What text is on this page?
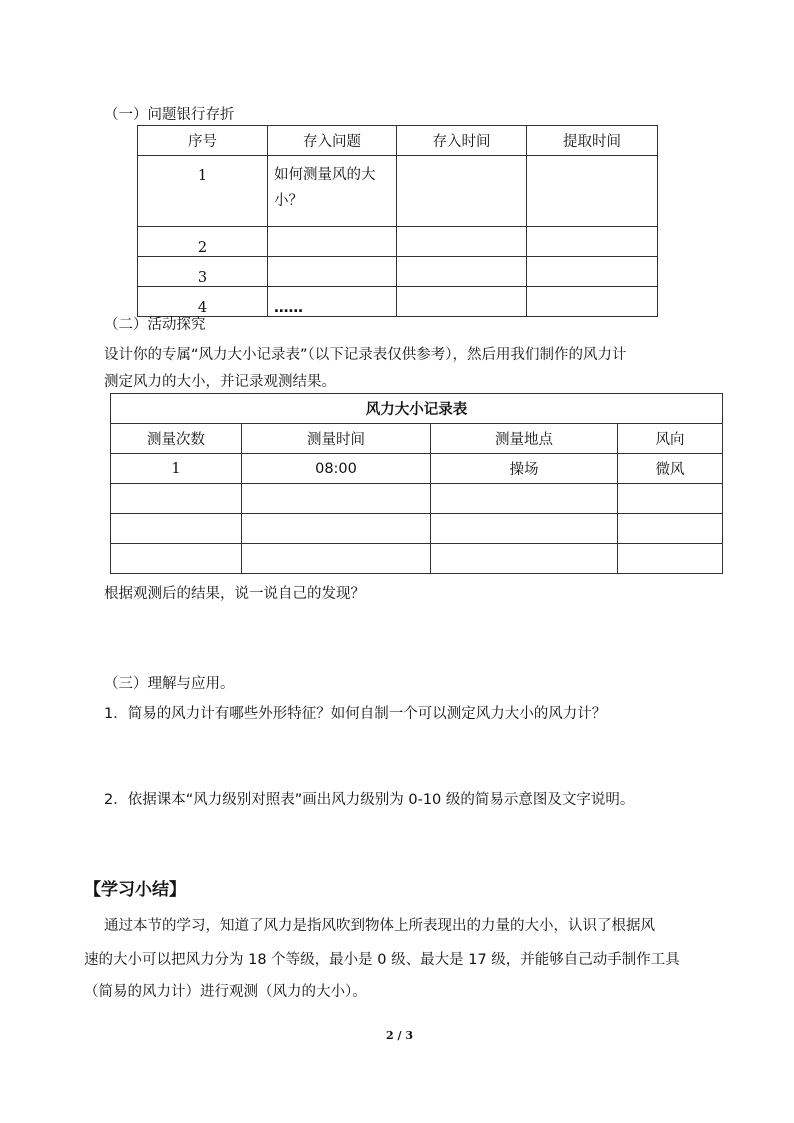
（一）问题银行存折
序号	存入问题	存入时间	提取时间
1	如何测量风的大小？		
2			
3			
4	……		
（二）活动探究
设计你的专属“风力大小记录表”（以下记录表仅供参考），然后用我们制作的风力计
测定风力的大小，并记录观测结果。
风力大小记录表			
测量次数	测量时间	测量地点	风向
1	08:00	操场	微风

根据观测后的结果，说一说自己的发现？
（三）理解与应用。
1．简易的风力计有哪些外形特征？如何自制一个可以测定风力大小的风力计？
2．依据课本“风力级别对照表”画出风力级别为 0-10 级的简易示意图及文字说明。
【学习小结】
通过本节的学习，知道了风力是指风吹到物体上所表现出的力量的大小，认识了根据风
速的大小可以把风力分为 18 个等级，最小是 0 级、最大是 17 级，并能够自己动手制作工具
（简易的风力计）进行观测（风力的大小）。
2 / 3
